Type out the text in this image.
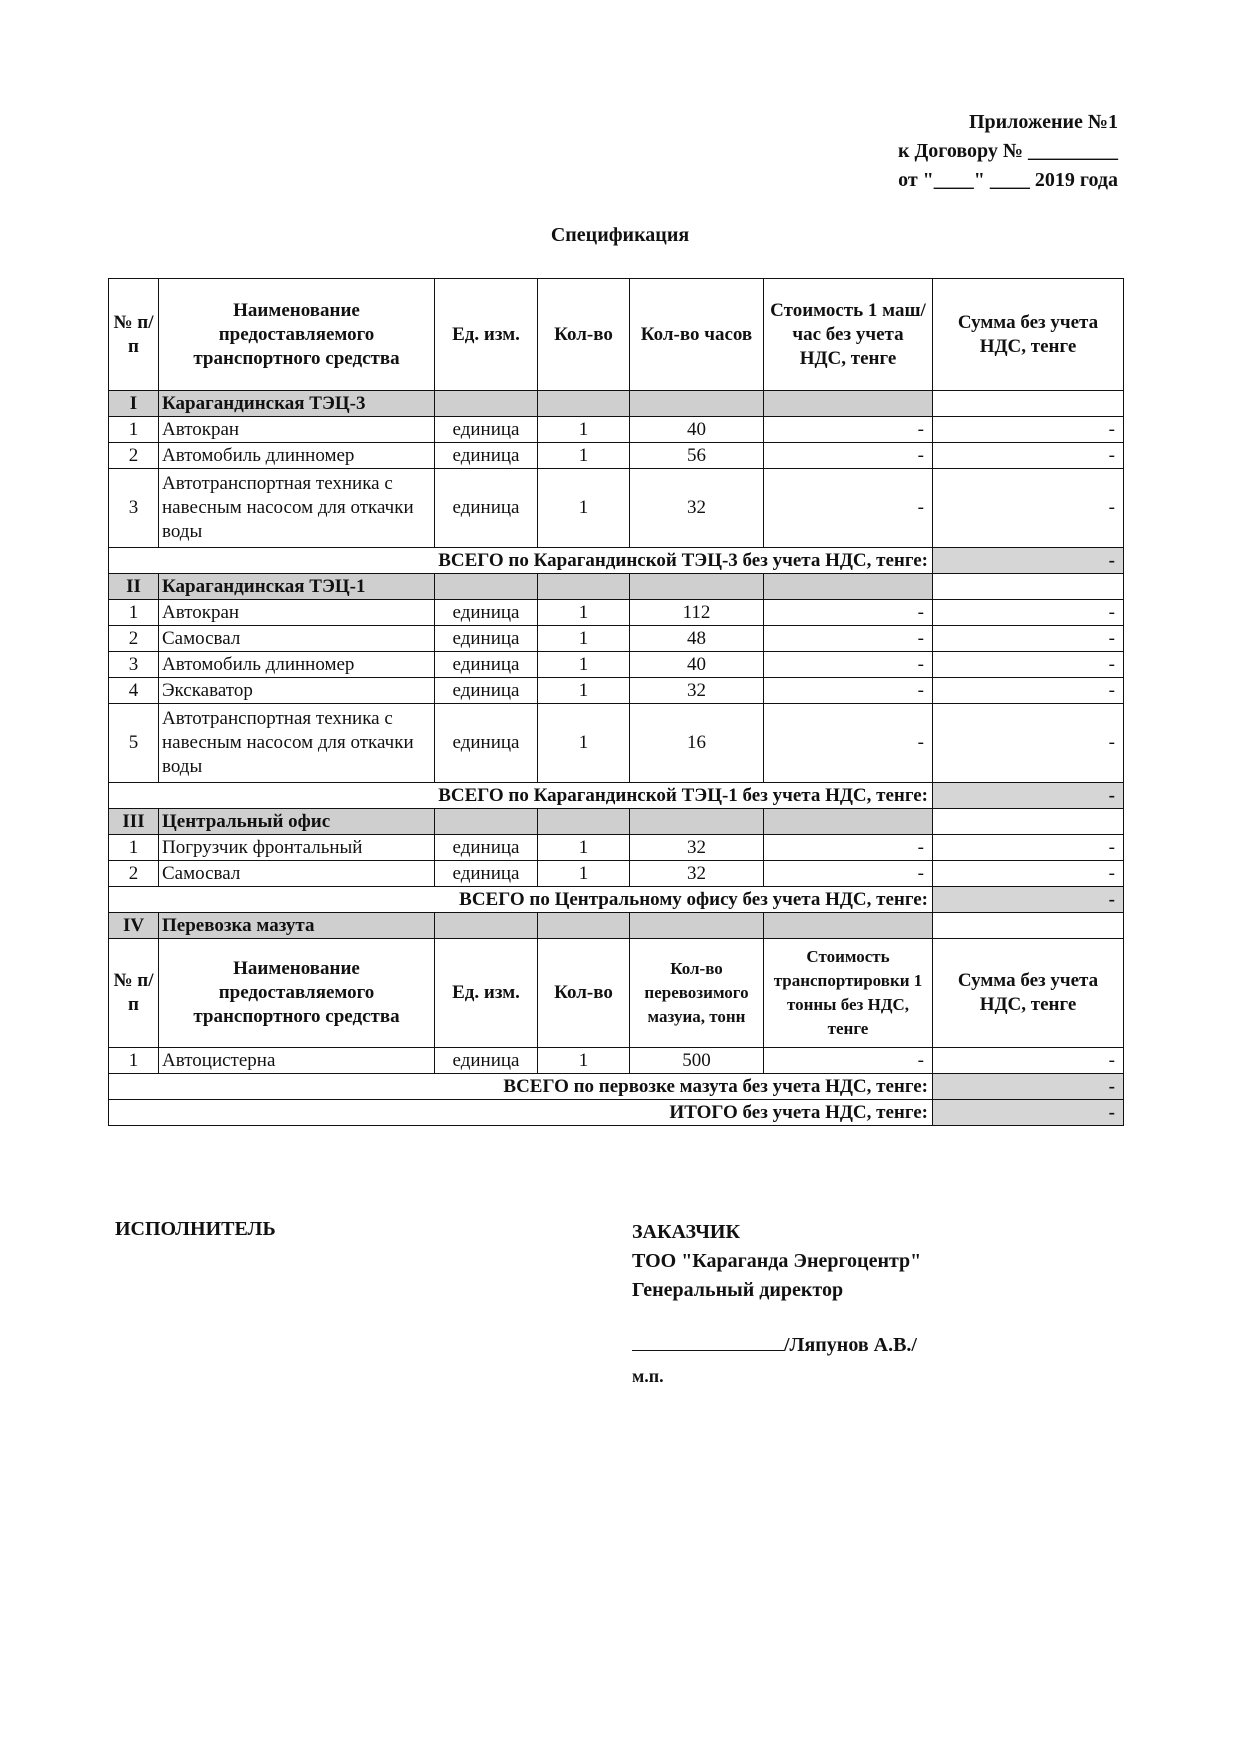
Приложение №1
к Договору № _________
от "____" ____ 2019 года
Спецификация
№ п/п	Наименование предоставляемого транспортного средства	Ед. изм.	Кол-во	Кол-во часов	Стоимость 1 маш/час без учета НДС, тенге	Сумма без учета НДС, тенге
I	Карагандинская ТЭЦ-3					
1	Автокран	единица	1	40	-	-
2	Автомобиль длинномер	единица	1	56	-	-
3	Автотранспортная техника с навесным насосом для откачки воды	единица	1	32	-	-
ВСЕГО по Карагандинской ТЭЦ-3 без учета НДС, тенге:						-
II	Карагандинская ТЭЦ-1					
1	Автокран	единица	1	112	-	-
2	Самосвал	единица	1	48	-	-
3	Автомобиль длинномер	единица	1	40	-	-
4	Экскаватор	единица	1	32	-	-
5	Автотранспортная техника с навесным насосом для откачки воды	единица	1	16	-	-
ВСЕГО по Карагандинской ТЭЦ-1 без учета НДС, тенге:						-
III	Центральный офис					
1	Погрузчик фронтальный	единица	1	32	-	-
2	Самосвал	единица	1	32	-	-
ВСЕГО по Центральному офису без учета НДС, тенге:						-
IV	Перевозка мазута					
№ п/п	Наименование предоставляемого транспортного средства	Ед. изм.	Кол-во	Кол-во перевозимого мазуиа, тонн	Стоимость транспортировки 1 тонны без НДС, тенге	Сумма без учета НДС, тенге
1	Автоцистерна	единица	1	500	-	-
ВСЕГО по первозке мазута без учета НДС, тенге:						-
ИТОГО без учета НДС, тенге:						-
ИСПОЛНИТЕЛЬ	ЗАКАЗЧИК
ТОО "Караганда Энергоцентр"
Генеральный директор
/Ляпунов А.В./
м.п.
